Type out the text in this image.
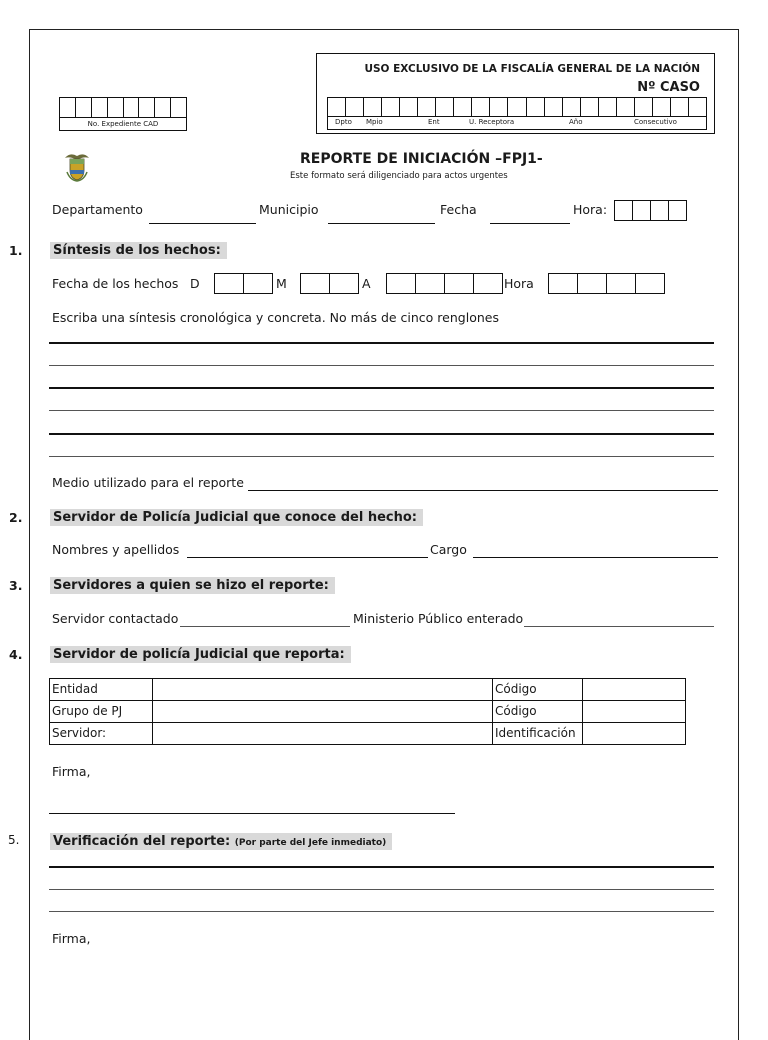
No. Expediente CAD
USO EXCLUSIVO DE LA FISCALÍA GENERAL DE LA NACIÓN
Nº CASO
Dpto Mpio	Ent	U. Receptora	Año	Consecutivo
REPORTE DE INICIACIÓN –FPJ1-
Este formato será diligenciado para actos urgentes
Departamento	Municipio	Fecha	Hora:
1. Síntesis de los hechos:
Fecha de los hechos D	M	A	Hora
Escriba una síntesis cronológica y concreta. No más de cinco renglones
Medio utilizado para el reporte
2. Servidor de Policía Judicial que conoce del hecho:
Nombres y apellidos	Cargo
3. Servidores a quien se hizo el reporte:
Servidor contactado	Ministerio Público enterado
4. Servidor de policía Judicial que reporta:
Entidad		Código	
Grupo de PJ		Código	
Servidor:		Identificación	
Firma,
5.	Verificación del reporte: (Por parte del Jefe inmediato)
Firma,
